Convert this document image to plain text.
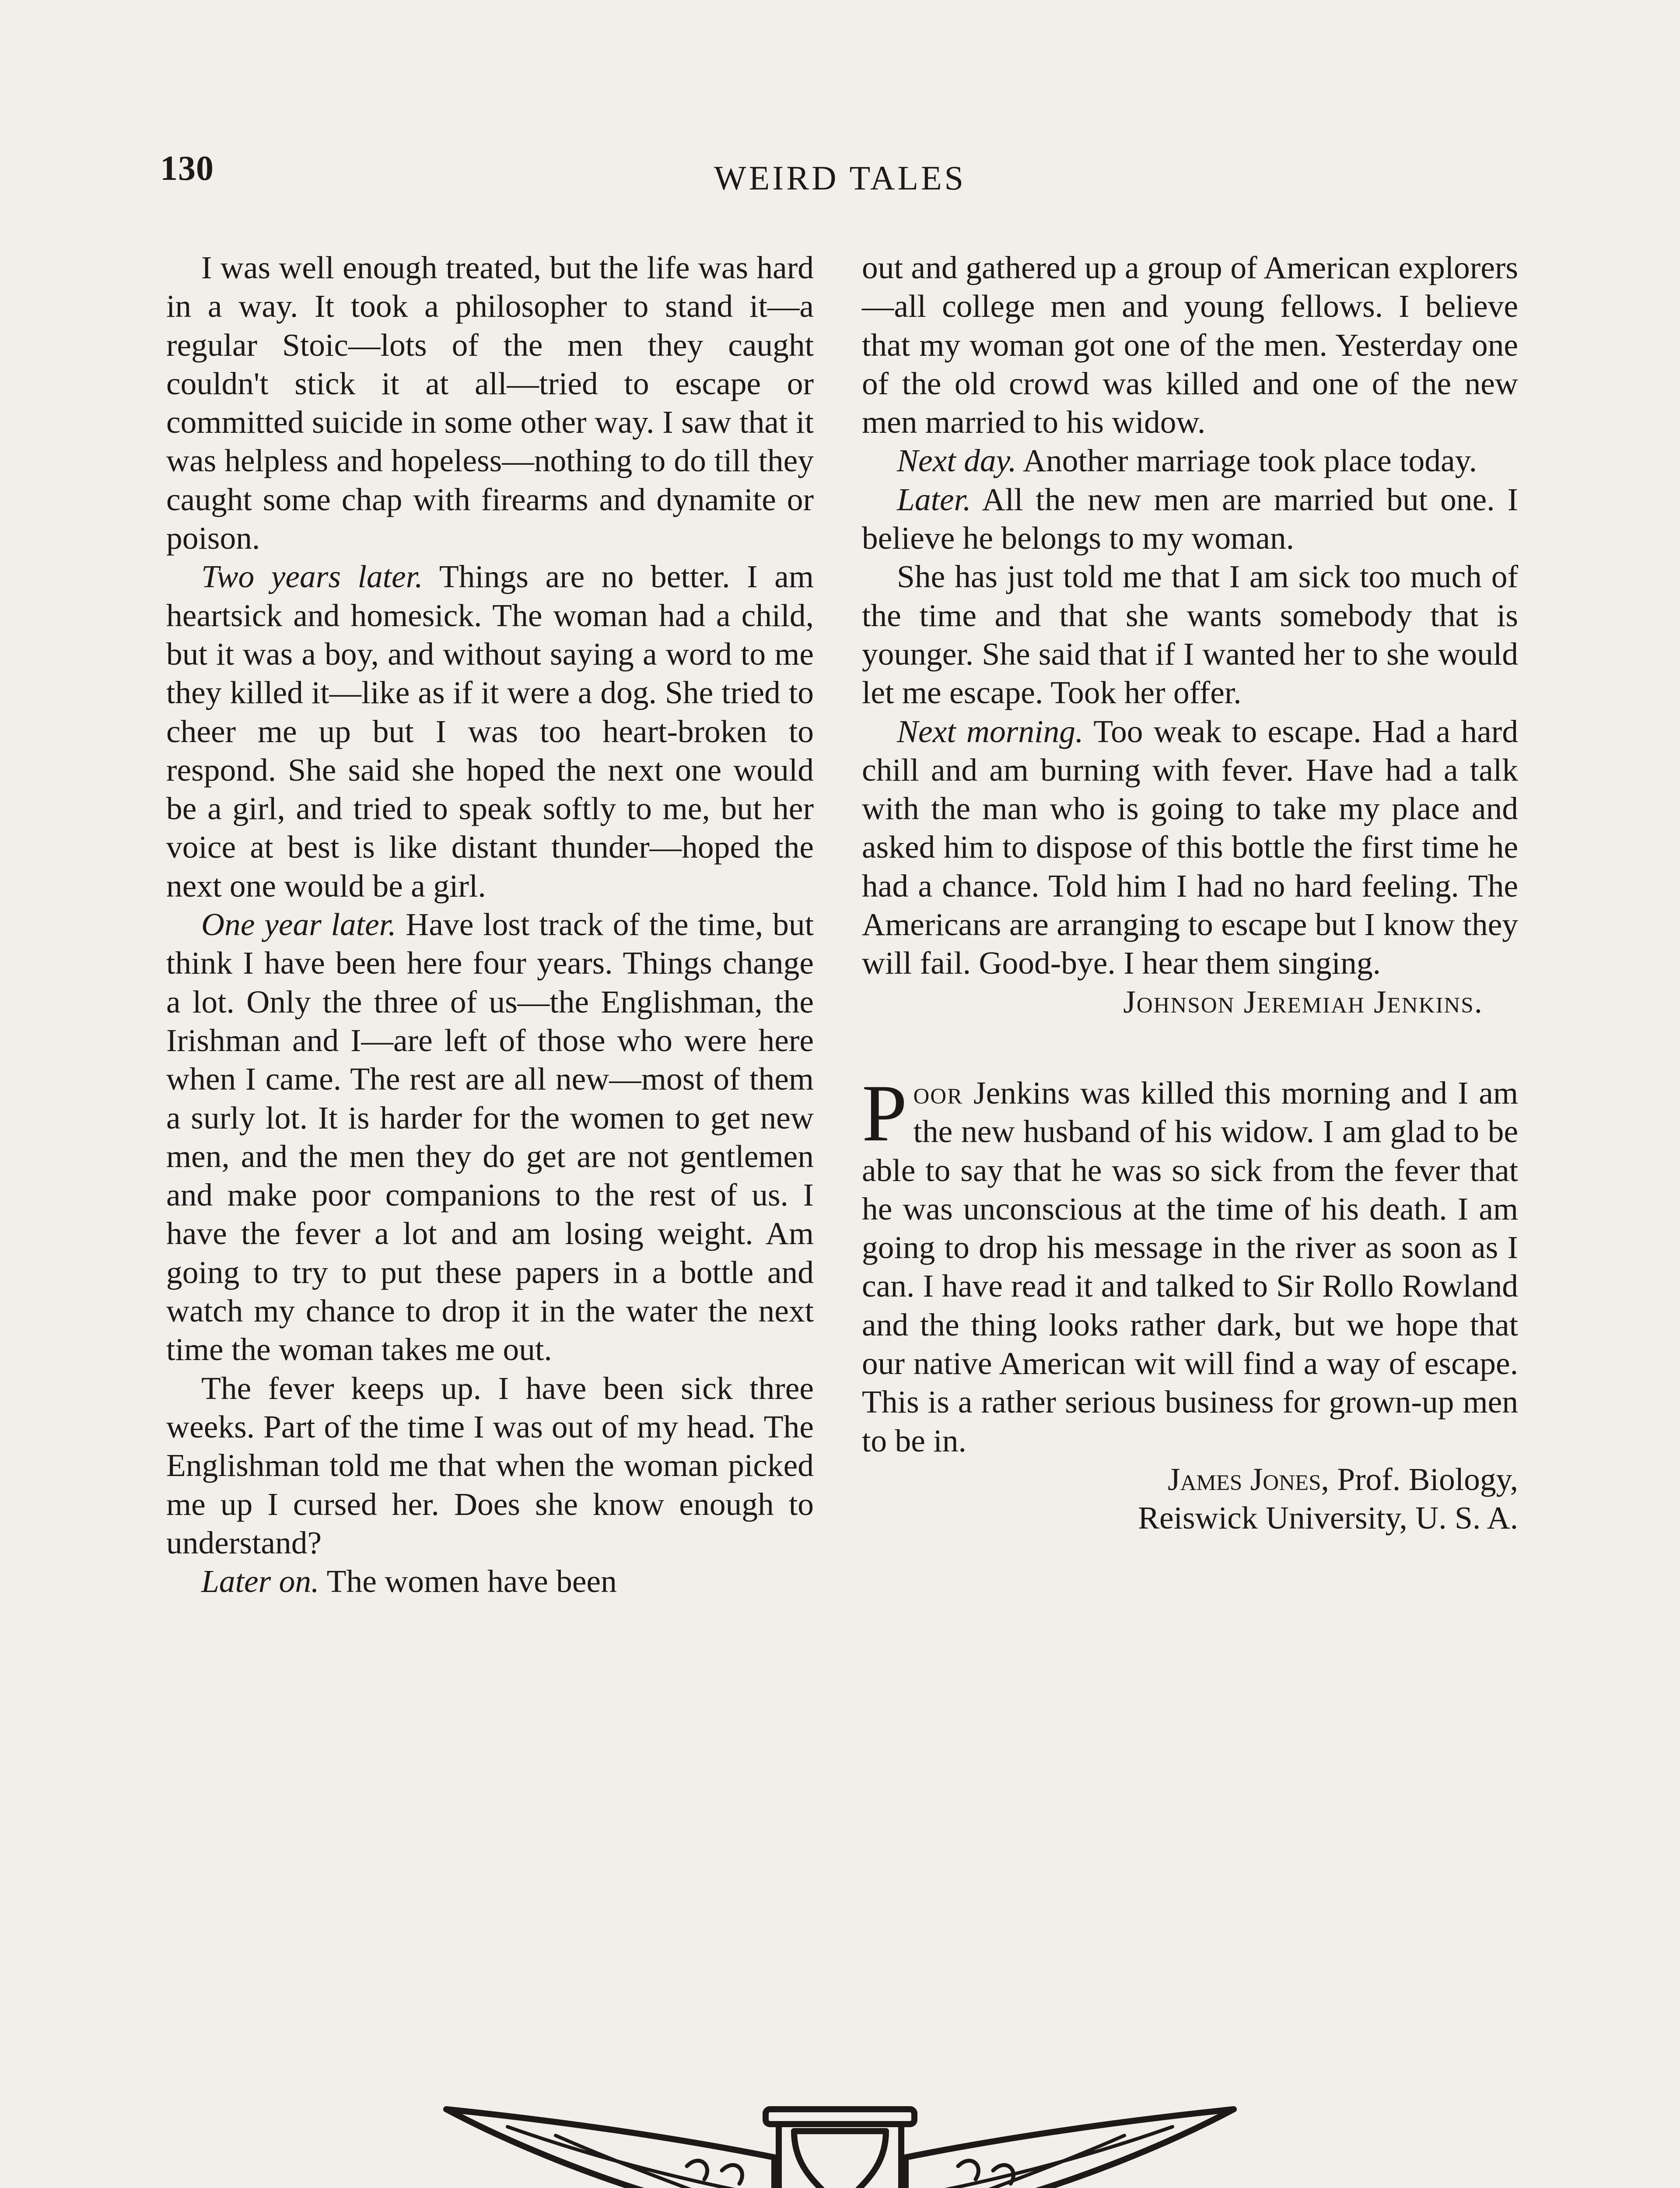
130	WEIRD TALES

I was well enough treated, but the life was hard in a way. It took a philosopher to stand it—a regular Stoic—lots of the men they caught couldn't stick it at all—tried to escape or committed suicide in some other way. I saw that it was helpless and hopeless—nothing to do till they caught some chap with firearms and dynamite or poison.

Two years later. Things are no better. I am heartsick and homesick. The woman had a child, but it was a boy, and without saying a word to me they killed it—like as if it were a dog. She tried to cheer me up but I was too heart-broken to respond. She said she hoped the next one would be a girl, and tried to speak softly to me, but her voice at best is like distant thunder—hoped the next one would be a girl.

One year later. Have lost track of the time, but think I have been here four years. Things change a lot. Only the three of us—the Englishman, the Irishman and I—are left of those who were here when I came. The rest are all new—most of them a surly lot. It is harder for the women to get new men, and the men they do get are not gentlemen and make poor companions to the rest of us. I have the fever a lot and am losing weight. Am going to try to put these papers in a bottle and watch my chance to drop it in the water the next time the woman takes me out.

The fever keeps up. I have been sick three weeks. Part of the time I was out of my head. The Englishman told me that when the woman picked me up I cursed her. Does she know enough to understand?

Later on. The women have been

out and gathered up a group of American explorers—all college men and young fellows. I believe that my woman got one of the men. Yesterday one of the old crowd was killed and one of the new men married to his widow.

Next day. Another marriage took place today.

Later. All the new men are married but one. I believe he belongs to my woman.

She has just told me that I am sick too much of the time and that she wants somebody that is younger. She said that if I wanted her to she would let me escape. Took her offer.

Next morning. Too weak to escape. Had a hard chill and am burning with fever. Have had a talk with the man who is going to take my place and asked him to dispose of this bottle the first time he had a chance. Told him I had no hard feeling. The Americans are arranging to escape but I know they will fail. Good-bye. I hear them singing.

Johnson Jeremiah Jenkins.

Poor Jenkins was killed this morning and I am the new husband of his widow. I am glad to be able to say that he was so sick from the fever that he was unconscious at the time of his death. I am going to drop his message in the river as soon as I can. I have read it and talked to Sir Rollo Rowland and the thing looks rather dark, but we hope that our native American wit will find a way of escape. This is a rather serious business for grown-up men to be in.

James Jones, Prof. Biology,

Reiswick University, U. S. A.
